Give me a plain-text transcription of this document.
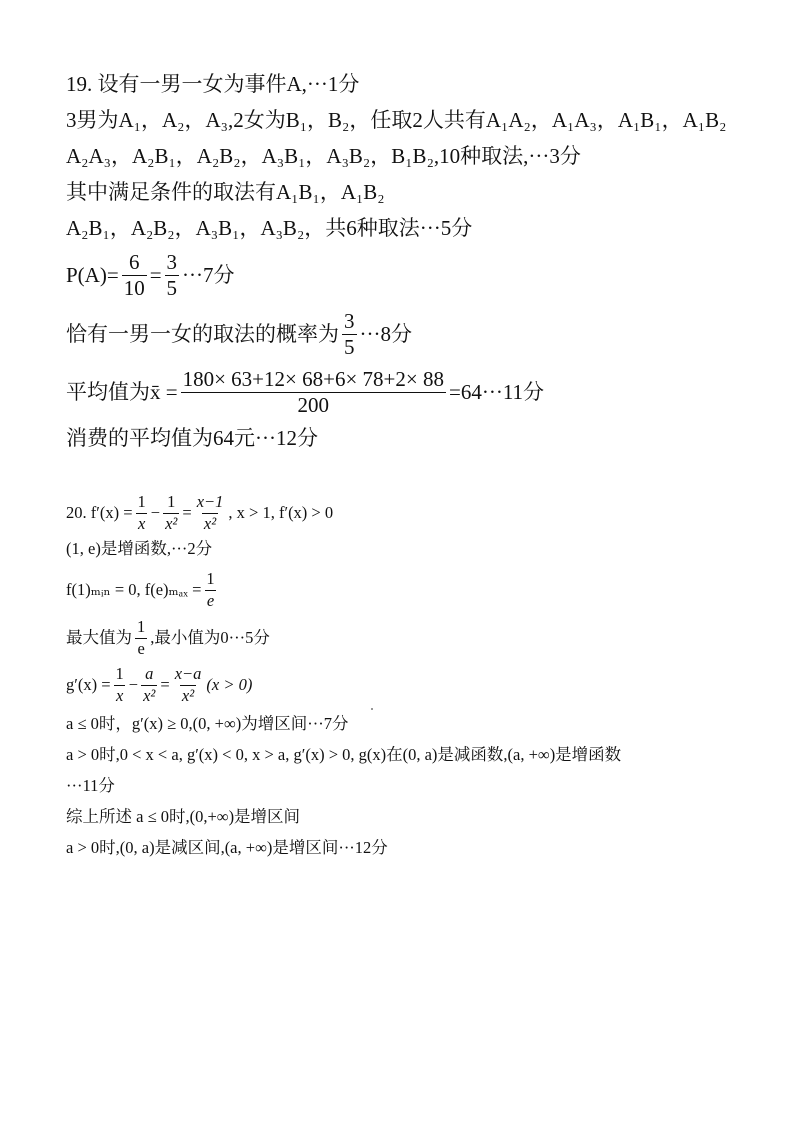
19. 设有一男一女为事件A,···1分
3男为A₁，A₂，A₃,2女为B₁，B₂，任取2人共有A₁A₂，A₁A₃，A₁B₁，A₁B₂
A₂A₃，A₂B₁，A₂B₂，A₃B₁，A₃B₂，B₁B₂,10种取法,···3分
其中满足条件的取法有A₁B₁，A₁B₂
A₂B₁，A₂B₂，A₃B₁，A₃B₂，共6种取法···5分
$P(A)= \frac{6}{10} = \frac{3}{5} \cdot\cdot\cdot 7$分
恰有一男一女的取法的概率为 $\frac{3}{5} \cdot\cdot\cdot 8$分
平均值为x̄ = $\frac{180\times 63+12\times 68+6\times 78+2\times 88}{200} =64\cdot\cdot\cdot 11$分
消费的平均值为64元···12分
20. $f'(x) = \frac{1}{x} - \frac{1}{\text{x²}} = \frac{x-1}{\text{x²}}$ , x > 1, f′(x) > 0
(1, e)是增函数,···2分
f(1)ₘᵢₙ = 0, $f(e)_{max} = \frac{1}{e}$
最大值为 $\frac{1}{e}$ ,最小值为0···5分
$g'(x) = \frac{1}{x} - \frac{a}{\text{x²}} = \frac{x-a}{\text{x²}} (x > 0)$
a ≤ 0时，g′(x) ≥ 0,(0, +∞)为增区间···7分
a > 0时,0 < x < a, g′(x) < 0, x > a, g′(x) > 0, g(x)在(0, a)是减函数,(a, +∞)是增函数
···11分
综上所述 a ≤ 0时,(0,+∞)是增区间
a > 0时,(0, a)是减区间,(a, +∞)是增区间···12分
